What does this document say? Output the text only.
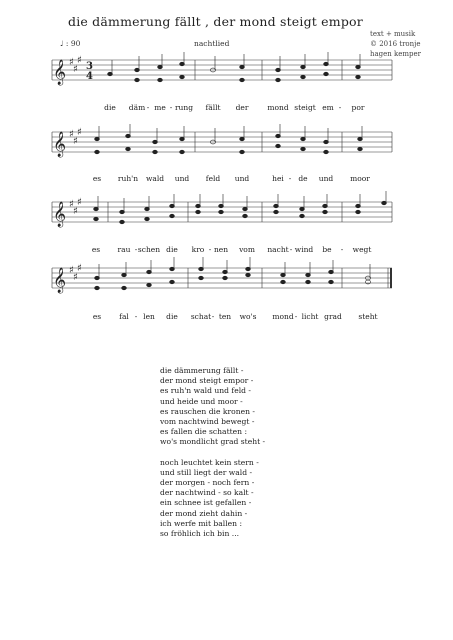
die dämmerung fällt , der mond steigt empor
text + musik
© 2016 tronje
hagen kemper
♩ : 90	nachtlied
𝄞 ♯
♯
♯
3
4
die däm - me - rung fällt der	mond steigt em - por
𝄞 ♯
♯
♯
es ruh'n wald und feld und	hei - de und moor
𝄞 ♯
♯
♯
es rau - schen die kro - nen vom nacht - wind be - wegt
𝄞 ♯
♯
♯
es fal - len die schat - ten wo's mond - licht grad steht
die dämmerung fällt -
der mond steigt empor -
es ruh'n wald und feld -
und heide und moor -
es rauschen die kronen -
vom nachtwind bewegt -
es fallen die schatten :
wo's mondlicht grad steht -
noch leuchtet kein stern -
und still liegt der wald -
der morgen - noch fern -
der nachtwind - so kalt -
ein schnee ist gefallen -
der mond zieht dahin -
ich werfe mit ballen :
so fröhlich ich bin ...
